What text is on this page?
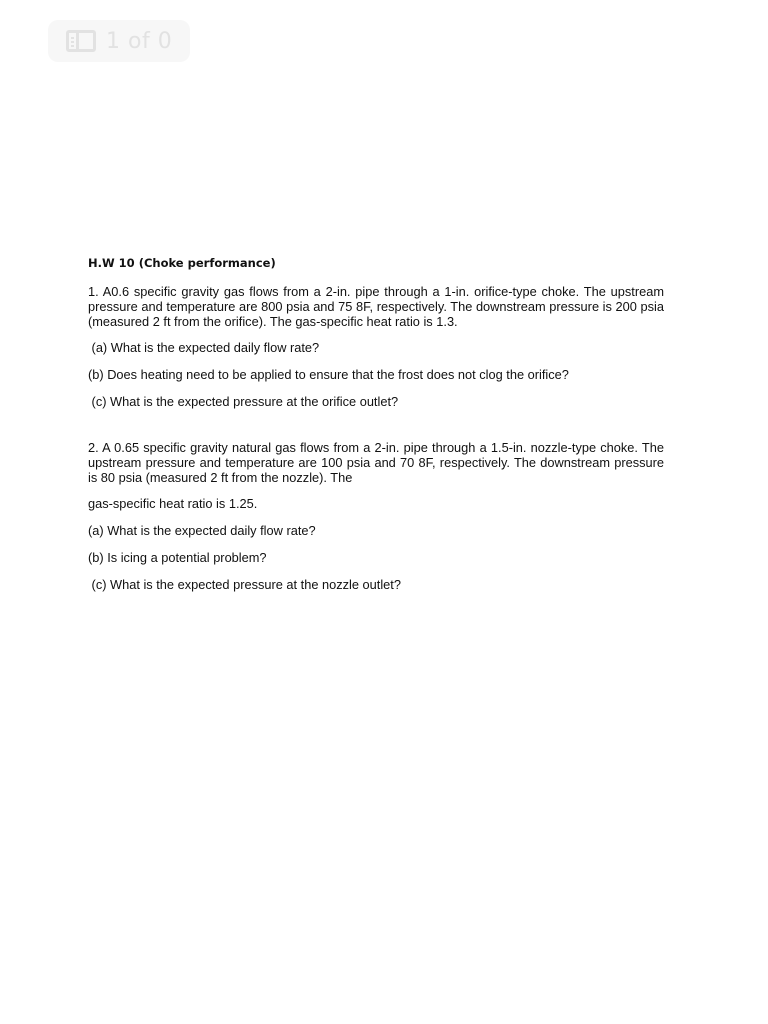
1 of 0
H.W 10 (Choke performance)

1. A0.6 specific gravity gas flows from a 2-in. pipe through a 1-in. orifice-type choke. The upstream pressure and temperature are 800 psia and 75 8F, respectively. The downstream pressure is 200 psia (measured 2 ft from the orifice). The gas-specific heat ratio is 1.3.

(a) What is the expected daily flow rate?

(b) Does heating need to be applied to ensure that the frost does not clog the orifice?

(c) What is the expected pressure at the orifice outlet?

2. A 0.65 specific gravity natural gas flows from a 2-in. pipe through a 1.5-in. nozzle-type choke. The upstream pressure and temperature are 100 psia and 70 8F, respectively. The downstream pressure is 80 psia (measured 2 ft from the nozzle). The

gas-specific heat ratio is 1.25.

(a) What is the expected daily flow rate?

(b) Is icing a potential problem?

(c) What is the expected pressure at the nozzle outlet?
